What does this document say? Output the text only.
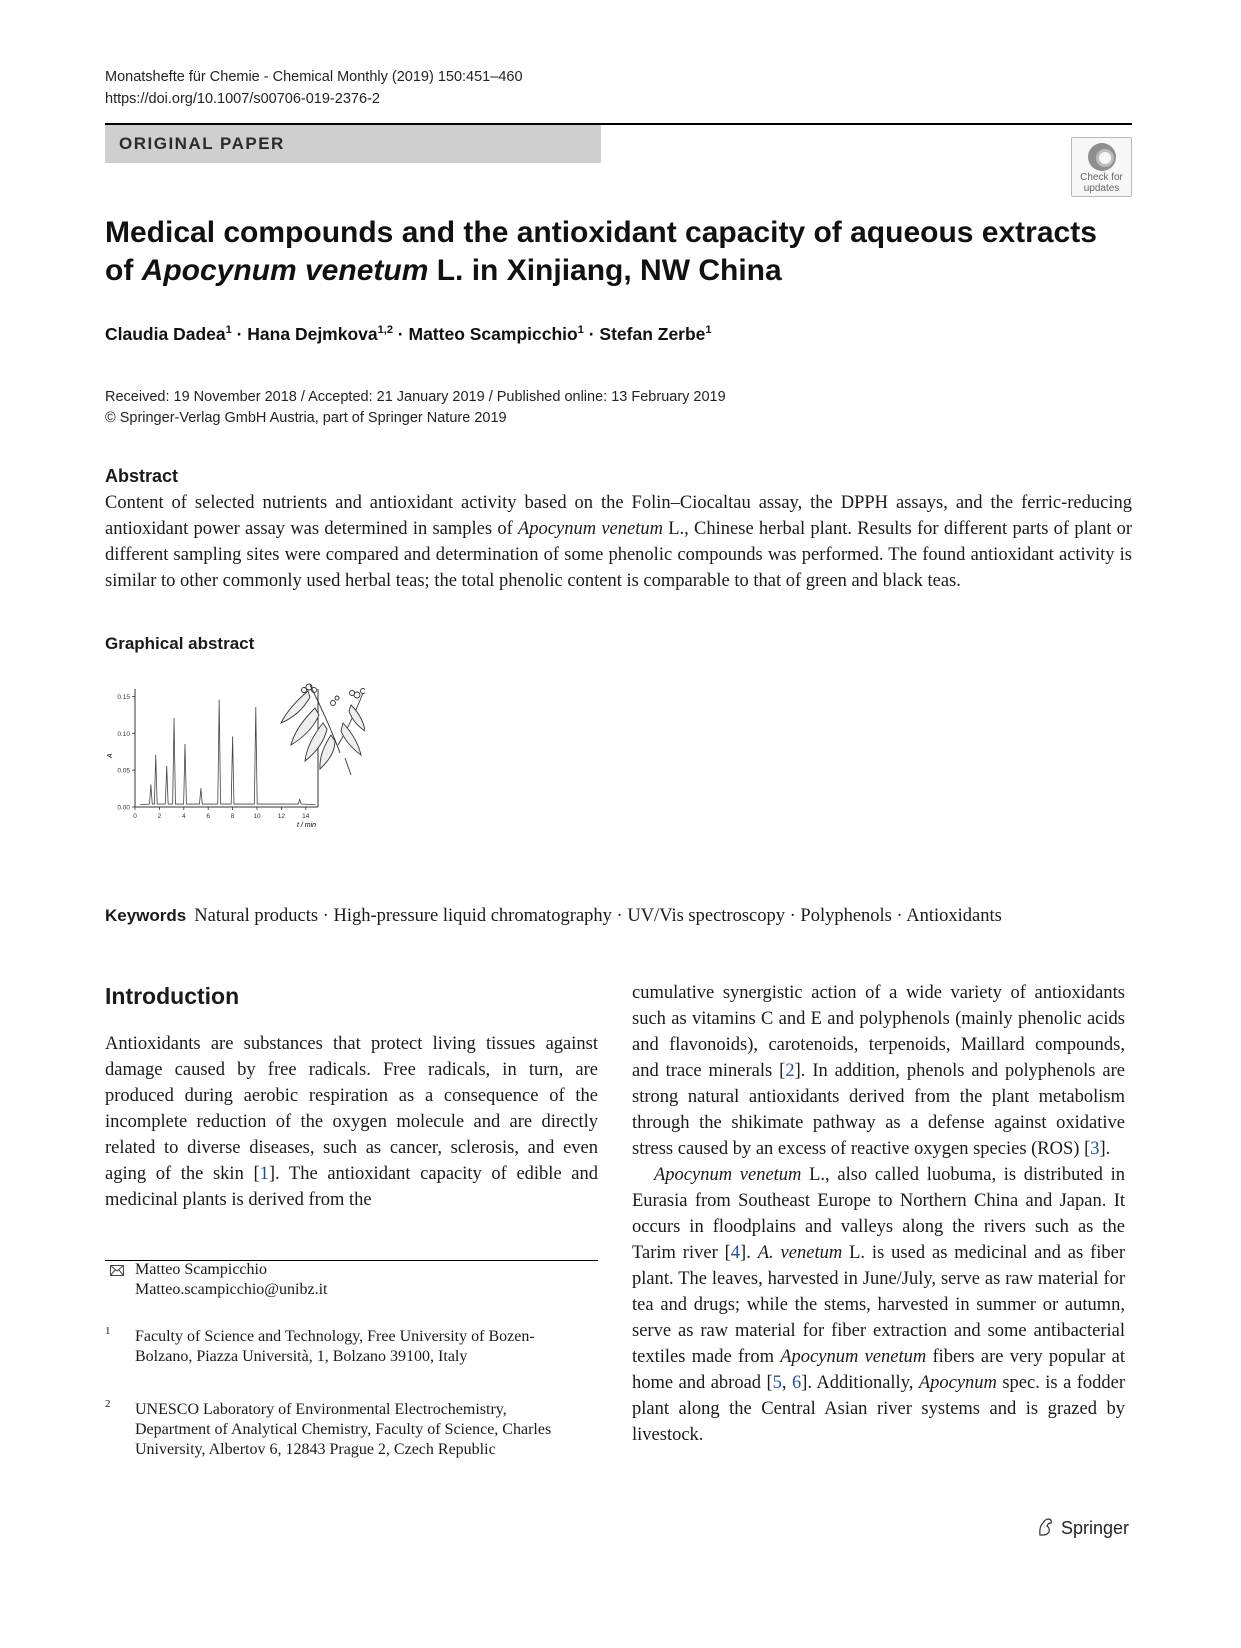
Monatshefte für Chemie - Chemical Monthly (2019) 150:451–460
https://doi.org/10.1007/s00706-019-2376-2
ORIGINAL PAPER
Check for
updates
Medical compounds and the antioxidant capacity of aqueous extracts
of Apocynum venetum L. in Xinjiang, NW China
Claudia Dadea$^1$ · Hana Dejmkova$^{1,2}$ · Matteo Scampicchio$^1$ · Stefan Zerbe$^1$
Received: 19 November 2018 / Accepted: 21 January 2019 / Published online: 13 February 2019
© Springer-Verlag GmbH Austria, part of Springer Nature 2019
Abstract
Content of selected nutrients and antioxidant activity based on the Folin–Ciocaltau assay, the DPPH assays, and the ferric-reducing antioxidant power assay was determined in samples of Apocynum venetum L., Chinese herbal plant. Results for different parts of plant or different sampling sites were compared and determination of some phenolic compounds was performed. The found antioxidant activity is similar to other commonly used herbal teas; the total phenolic content is comparable to that of green and black teas.
Graphical abstract
0.00
0.05
0.10
0.15
0	2	4	6	8	10	12	14
A
t / min
Keywords Natural products · High-pressure liquid chromatography · UV/Vis spectroscopy · Polyphenols · Antioxidants
Introduction

Antioxidants are substances that protect living tissues against damage caused by free radicals. Free radicals, in turn, are produced during aerobic respiration as a consequence of the incomplete reduction of the oxygen molecule and are directly related to diverse diseases, such as cancer, sclerosis, and even aging of the skin [1]. The antioxidant capacity of edible and medicinal plants is derived from the

cumulative synergistic action of a wide variety of antioxidants such as vitamins C and E and polyphenols (mainly phenolic acids and flavonoids), carotenoids, terpenoids, Maillard compounds, and trace minerals [2]. In addition, phenols and polyphenols are strong natural antioxidants derived from the plant metabolism through the shikimate pathway as a defense against oxidative stress caused by an excess of reactive oxygen species (ROS) [3].

Apocynum venetum L., also called luobuma, is distributed in Eurasia from Southeast Europe to Northern China and Japan. It occurs in floodplains and valleys along the rivers such as the Tarim river [4]. A. venetum L. is used as medicinal and as fiber plant. The leaves, harvested in June/July, serve as raw material for tea and drugs; while the stems, harvested in summer or autumn, serve as raw material for fiber extraction and some antibacterial textiles made from Apocynum venetum fibers are very popular at home and abroad [5, 6]. Additionally, Apocynum spec. is a fodder plant along the Central Asian river systems and is grazed by livestock.

Matteo Scampicchio
Matteo.scampicchio@unibz.it
1 Faculty of Science and Technology, Free University of Bozen-Bolzano, Piazza Università, 1, Bolzano 39100, Italy
2 UNESCO Laboratory of Environmental Electrochemistry, Department of Analytical Chemistry, Faculty of Science, Charles University, Albertov 6, 12843 Prague 2, Czech Republic
Springer
